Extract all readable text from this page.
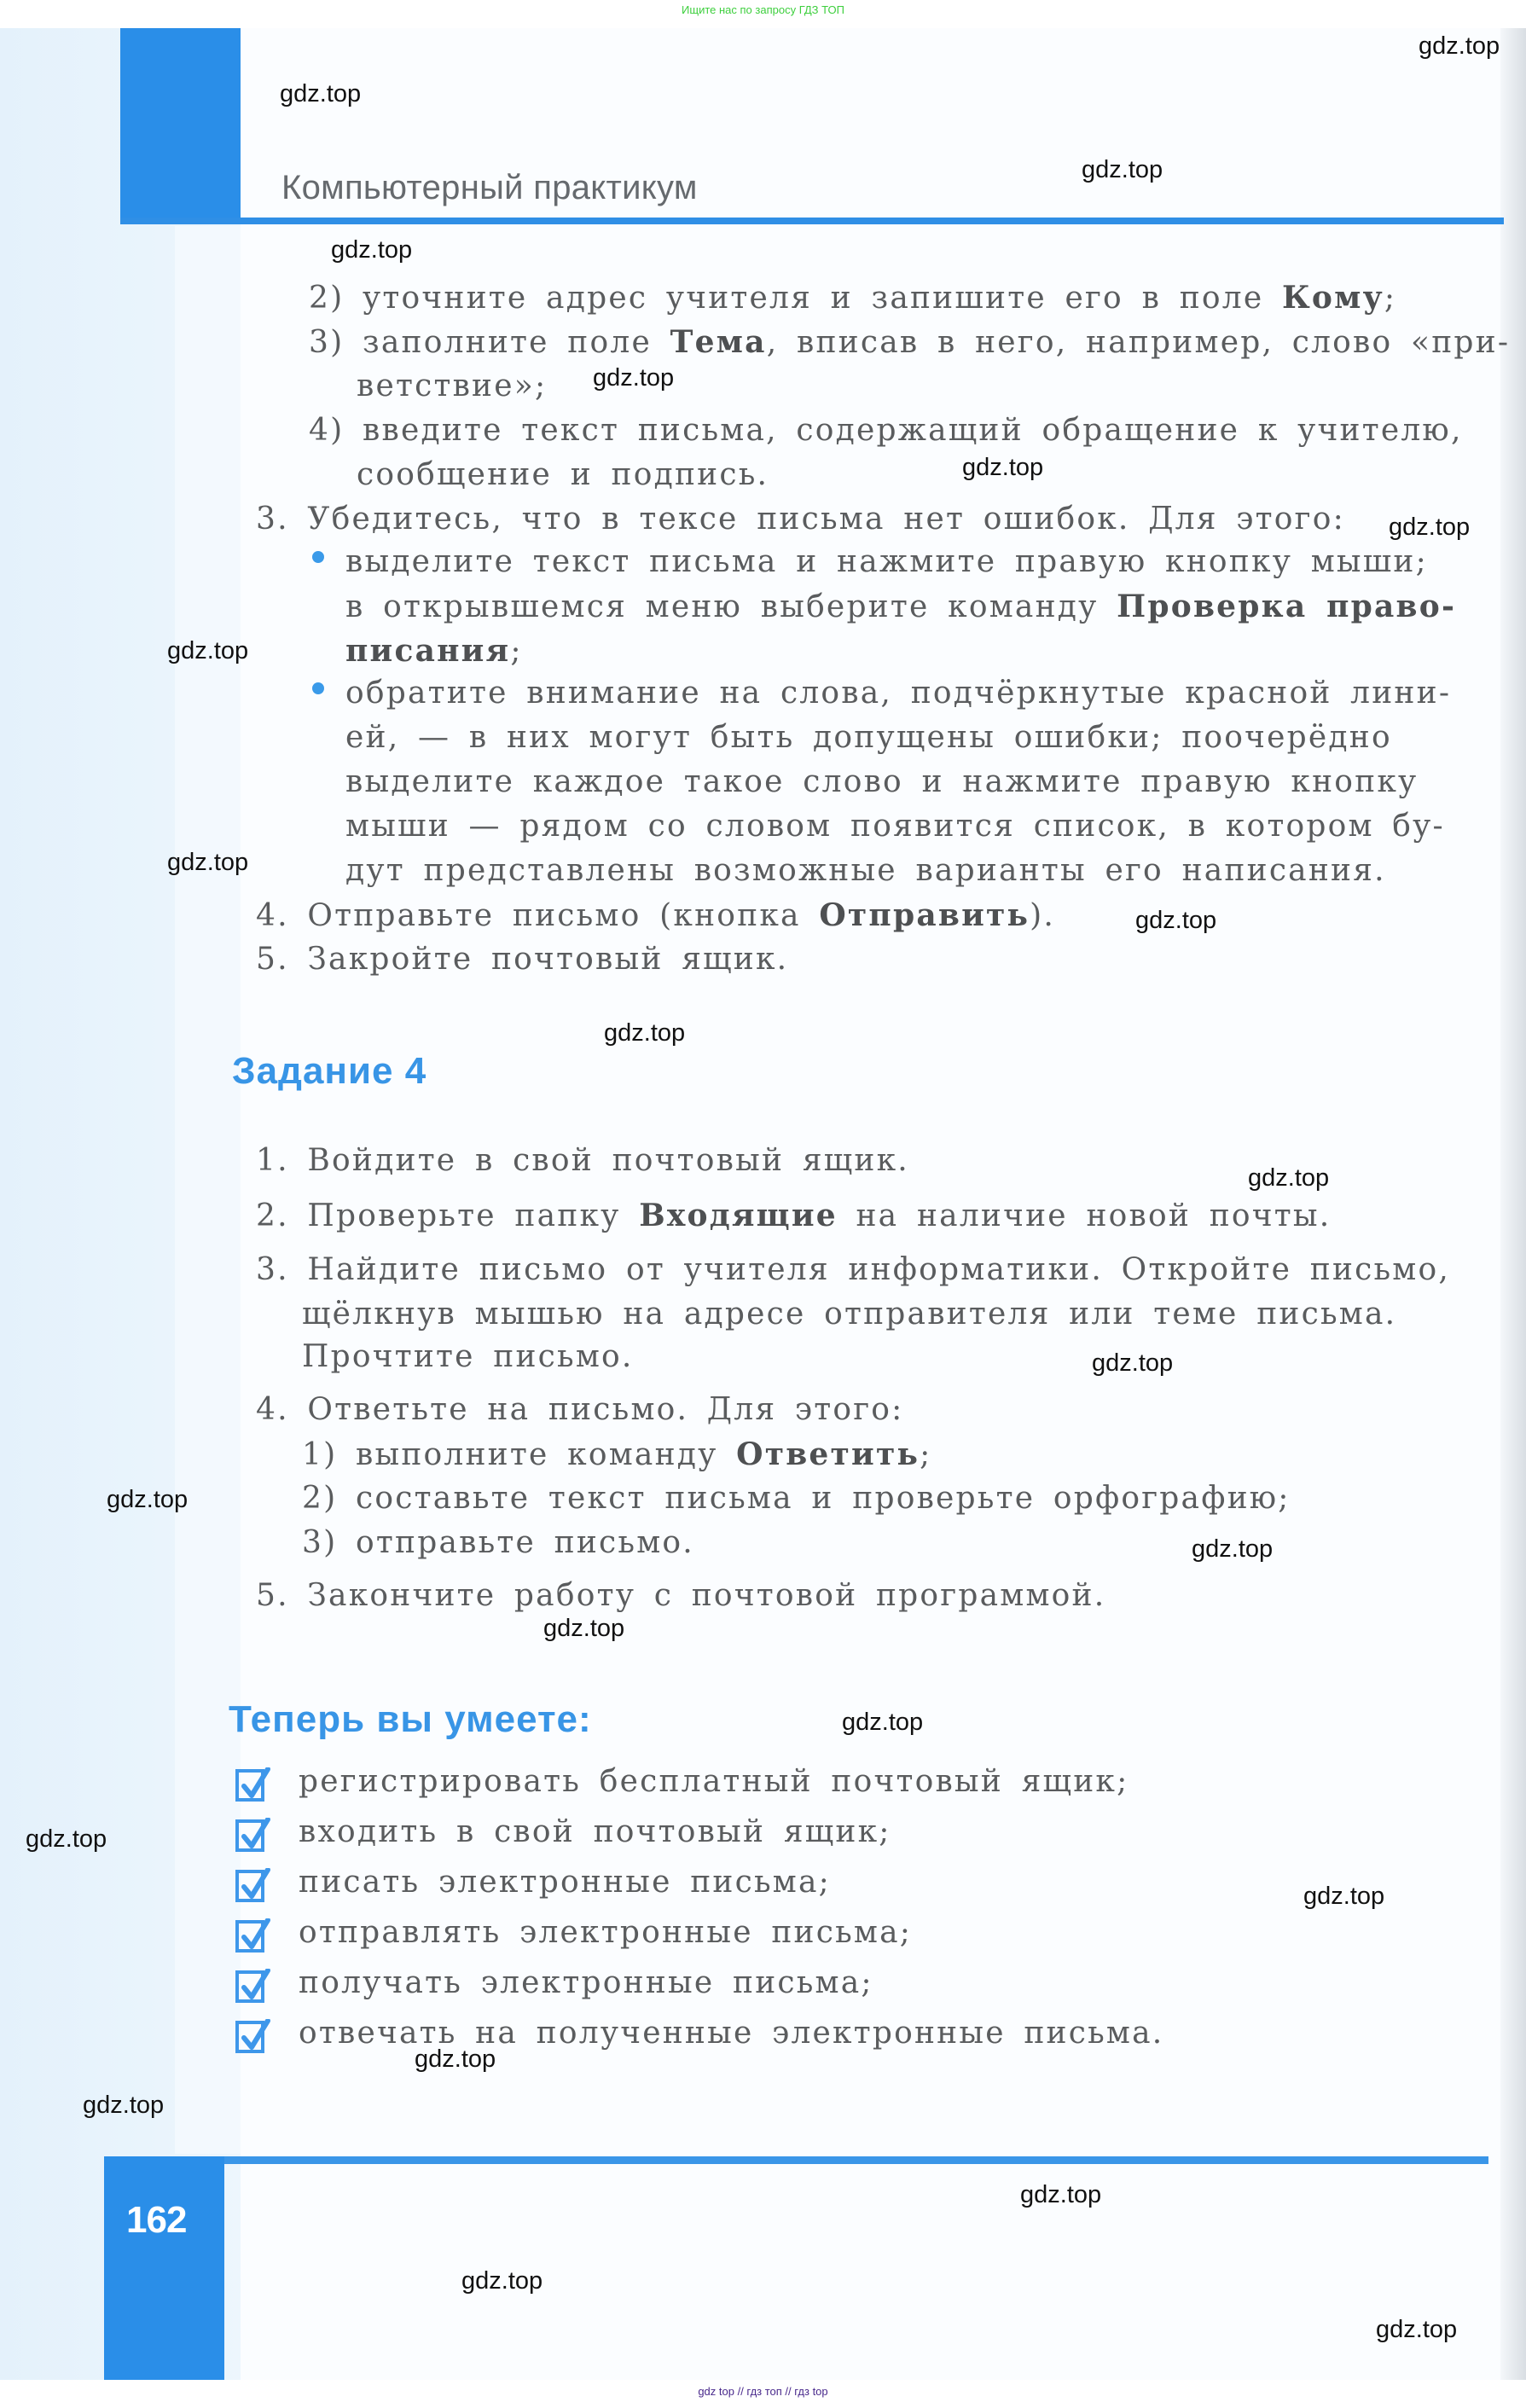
Ищите нас по запросу ГДЗ ТОП
Компьютерный практикум
2) уточните адрес учителя и запишите его в поле Кому;
3) заполните поле Тема, вписав в него, например, слово «при-
ветствие»;
4) введите текст письма, содержащий обращение к учителю,
сообщение и подпись.
3. Убедитесь, что в тексе письма нет ошибок. Для этого:
выделите текст письма и нажмите правую кнопку мыши;
в открывшемся меню выберите команду Проверка право-
писания;
обратите внимание на слова, подчёркнутые красной лини-
ей, — в них могут быть допущены ошибки; поочерёдно
выделите каждое такое слово и нажмите правую кнопку
мыши — рядом со словом появится список, в котором бу-
дут представлены возможные варианты его написания.
4. Отправьте письмо (кнопка Отправить).
5. Закройте почтовый ящик.
Задание 4
1. Войдите в свой почтовый ящик.
2. Проверьте папку Входящие на наличие новой почты.
3. Найдите письмо от учителя информатики. Откройте письмо,
щёлкнув мышью на адресе отправителя или теме письма.
Прочтите письмо.
4. Ответьте на письмо. Для этого:
1) выполните команду Ответить;
2) составьте текст письма и проверьте орфографию;
3) отправьте письмо.
5. Закончите работу с почтовой программой.
Теперь вы умеете:
регистрировать бесплатный почтовый ящик;
входить в свой почтовый ящик;
писать электронные письма;
отправлять электронные письма;
получать электронные письма;
отвечать на полученные электронные письма.
162
gdz.top
gdz.top
gdz.top
gdz.top
gdz.top
gdz.top
gdz.top
gdz.top
gdz.top
gdz.top
gdz.top
gdz.top
gdz.top
gdz.top
gdz.top
gdz.top
gdz.top
gdz.top
gdz.top
gdz.top
gdz.top
gdz.top
gdz.top
gdz.top
gdz top // гдз топ // гдз top
